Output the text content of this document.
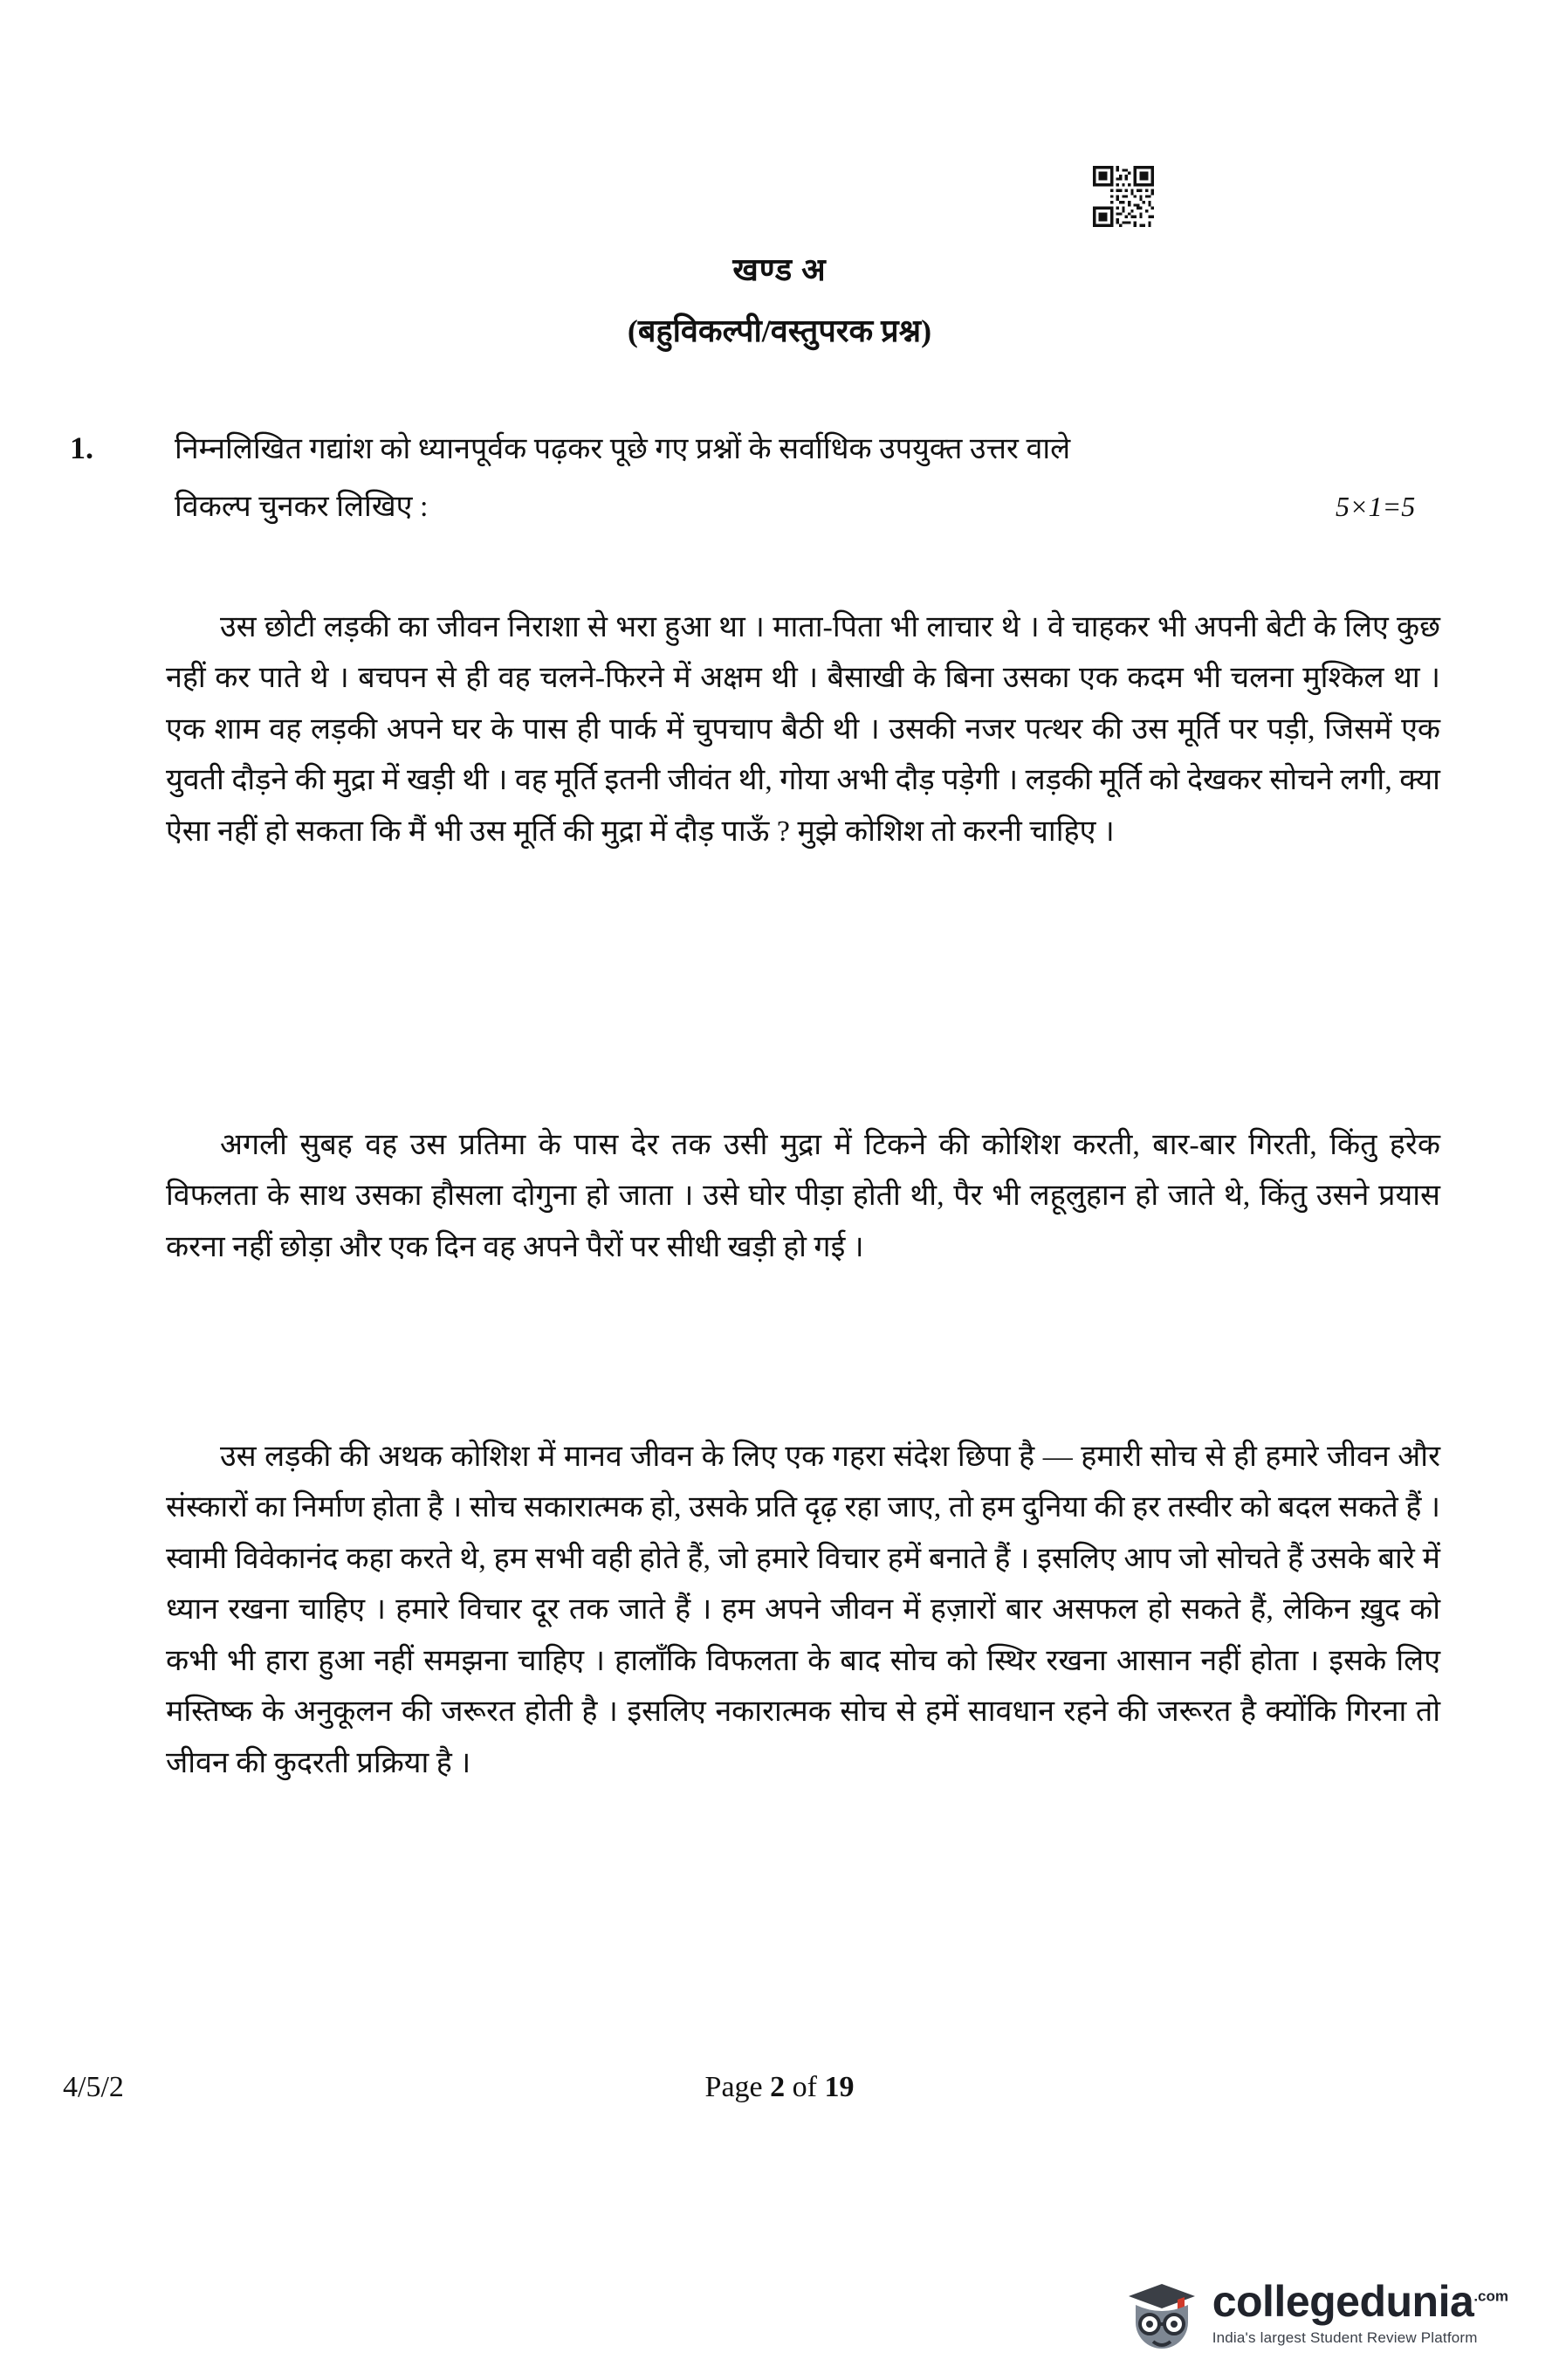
खण्ड अ
(बहुविकल्पी/वस्तुपरक प्रश्न)
1.	निम्नलिखित गद्यांश को ध्यानपूर्वक पढ़कर पूछे गए प्रश्नों के सर्वाधिक उपयुक्त उत्तर वाले
विकल्प चुनकर लिखिए :	5×1=5

उस छोटी लड़की का जीवन निराशा से भरा हुआ था । माता-पिता भी लाचार थे । वे चाहकर भी अपनी बेटी के लिए कुछ नहीं कर पाते थे । बचपन से ही वह चलने-फिरने में अक्षम थी । बैसाखी के बिना उसका एक कदम भी चलना मुश्किल था । एक शाम वह लड़की अपने घर के पास ही पार्क में चुपचाप बैठी थी । उसकी नजर पत्थर की उस मूर्ति पर पड़ी, जिसमें एक युवती दौड़ने की मुद्रा में खड़ी थी । वह मूर्ति इतनी जीवंत थी, गोया अभी दौड़ पड़ेगी । लड़की मूर्ति को देखकर सोचने लगी, क्या ऐसा नहीं हो सकता कि मैं भी उस मूर्ति की मुद्रा में दौड़ पाऊँ ? मुझे कोशिश तो करनी चाहिए ।

अगली सुबह वह उस प्रतिमा के पास देर तक उसी मुद्रा में टिकने की कोशिश करती, बार-बार गिरती, किंतु हरेक विफलता के साथ उसका हौसला दोगुना हो जाता । उसे घोर पीड़ा होती थी, पैर भी लहूलुहान हो जाते थे, किंतु उसने प्रयास करना नहीं छोड़ा और एक दिन वह अपने पैरों पर सीधी खड़ी हो गई ।

उस लड़की की अथक कोशिश में मानव जीवन के लिए एक गहरा संदेश छिपा है — हमारी सोच से ही हमारे जीवन और संस्कारों का निर्माण होता है । सोच सकारात्मक हो, उसके प्रति दृढ़ रहा जाए, तो हम दुनिया की हर तस्वीर को बदल सकते हैं । स्वामी विवेकानंद कहा करते थे, हम सभी वही होते हैं, जो हमारे विचार हमें बनाते हैं । इसलिए आप जो सोचते हैं उसके बारे में ध्यान रखना चाहिए । हमारे विचार दूर तक जाते हैं । हम अपने जीवन में हज़ारों बार असफल हो सकते हैं, लेकिन ख़ुद को कभी भी हारा हुआ नहीं समझना चाहिए । हालाँकि विफलता के बाद सोच को स्थिर रखना आसान नहीं होता । इसके लिए मस्तिष्क के अनुकूलन की जरूरत होती है । इसलिए नकारात्मक सोच से हमें सावधान रहने की जरूरत है क्योंकि गिरना तो जीवन की कुदरती प्रक्रिया है ।

4/5/2	Page 2 of 19
collegedunia$^{.com}$
India's largest Student Review Platform
